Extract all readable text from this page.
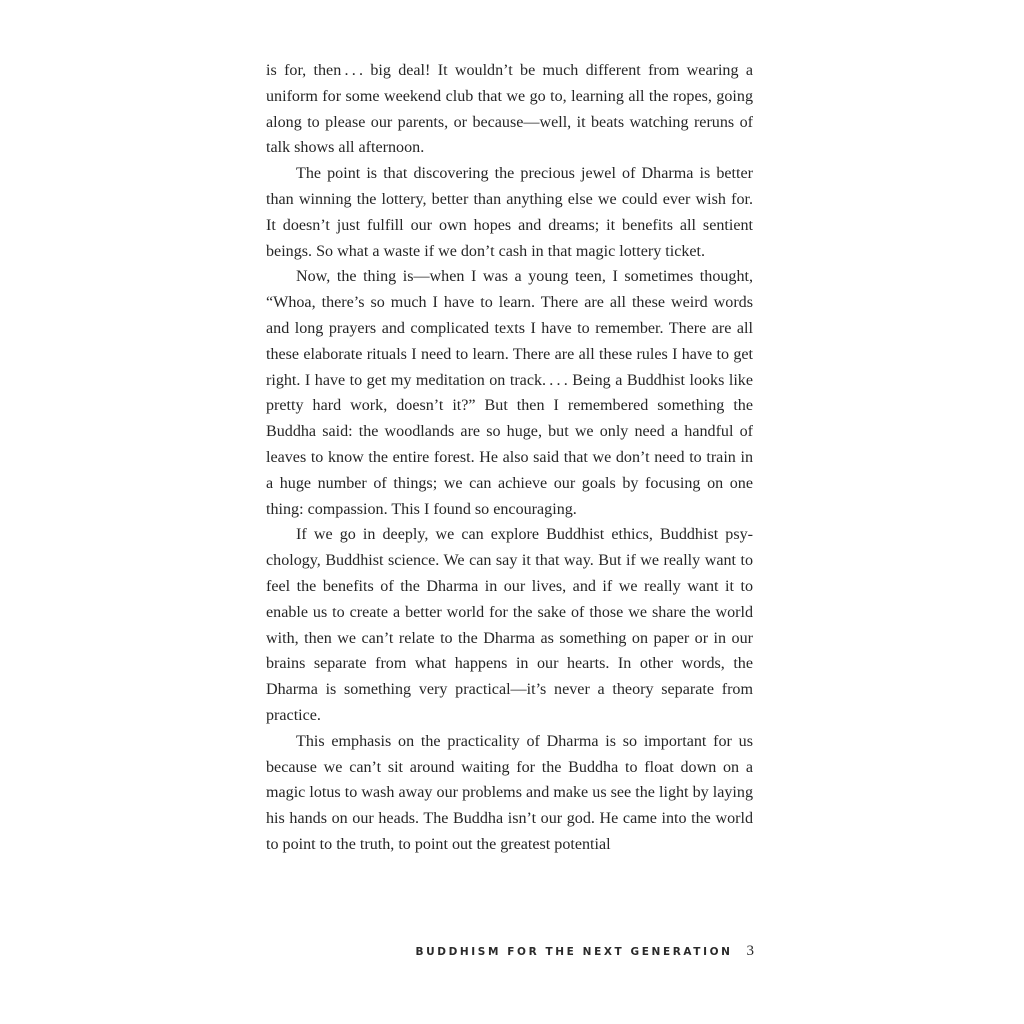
is for, then . . . big deal! It wouldn’t be much different from wearing a uniform for some weekend club that we go to, learning all the ropes, going along to please our parents, or because—well, it beats watching reruns of talk shows all afternoon.

The point is that discovering the precious jewel of Dharma is better than winning the lottery, better than anything else we could ever wish for. It doesn’t just fulfill our own hopes and dreams; it benefits all sentient beings. So what a waste if we don’t cash in that magic lottery ticket.

Now, the thing is—when I was a young teen, I sometimes thought, “Whoa, there’s so much I have to learn. There are all these weird words and long prayers and complicated texts I have to remember. There are all these elaborate rituals I need to learn. There are all these rules I have to get right. I have to get my meditation on track. . . . Being a Buddhist looks like pretty hard work, doesn’t it?” But then I remembered something the Buddha said: the woodlands are so huge, but we only need a handful of leaves to know the entire forest. He also said that we don’t need to train in a huge number of things; we can achieve our goals by focusing on one thing: compassion. This I found so encouraging.

If we go in deeply, we can explore Buddhist ethics, Buddhist psychology, Buddhist science. We can say it that way. But if we really want to feel the benefits of the Dharma in our lives, and if we really want it to enable us to create a better world for the sake of those we share the world with, then we can’t relate to the Dharma as something on paper or in our brains separate from what happens in our hearts. In other words, the Dharma is something very practical—it’s never a theory separate from practice.

This emphasis on the practicality of Dharma is so important for us because we can’t sit around waiting for the Buddha to float down on a magic lotus to wash away our problems and make us see the light by laying his hands on our heads. The Buddha isn’t our god. He came into the world to point to the truth, to point out the greatest potential

BUDDHISM FOR THE NEXT GENERATION 3
